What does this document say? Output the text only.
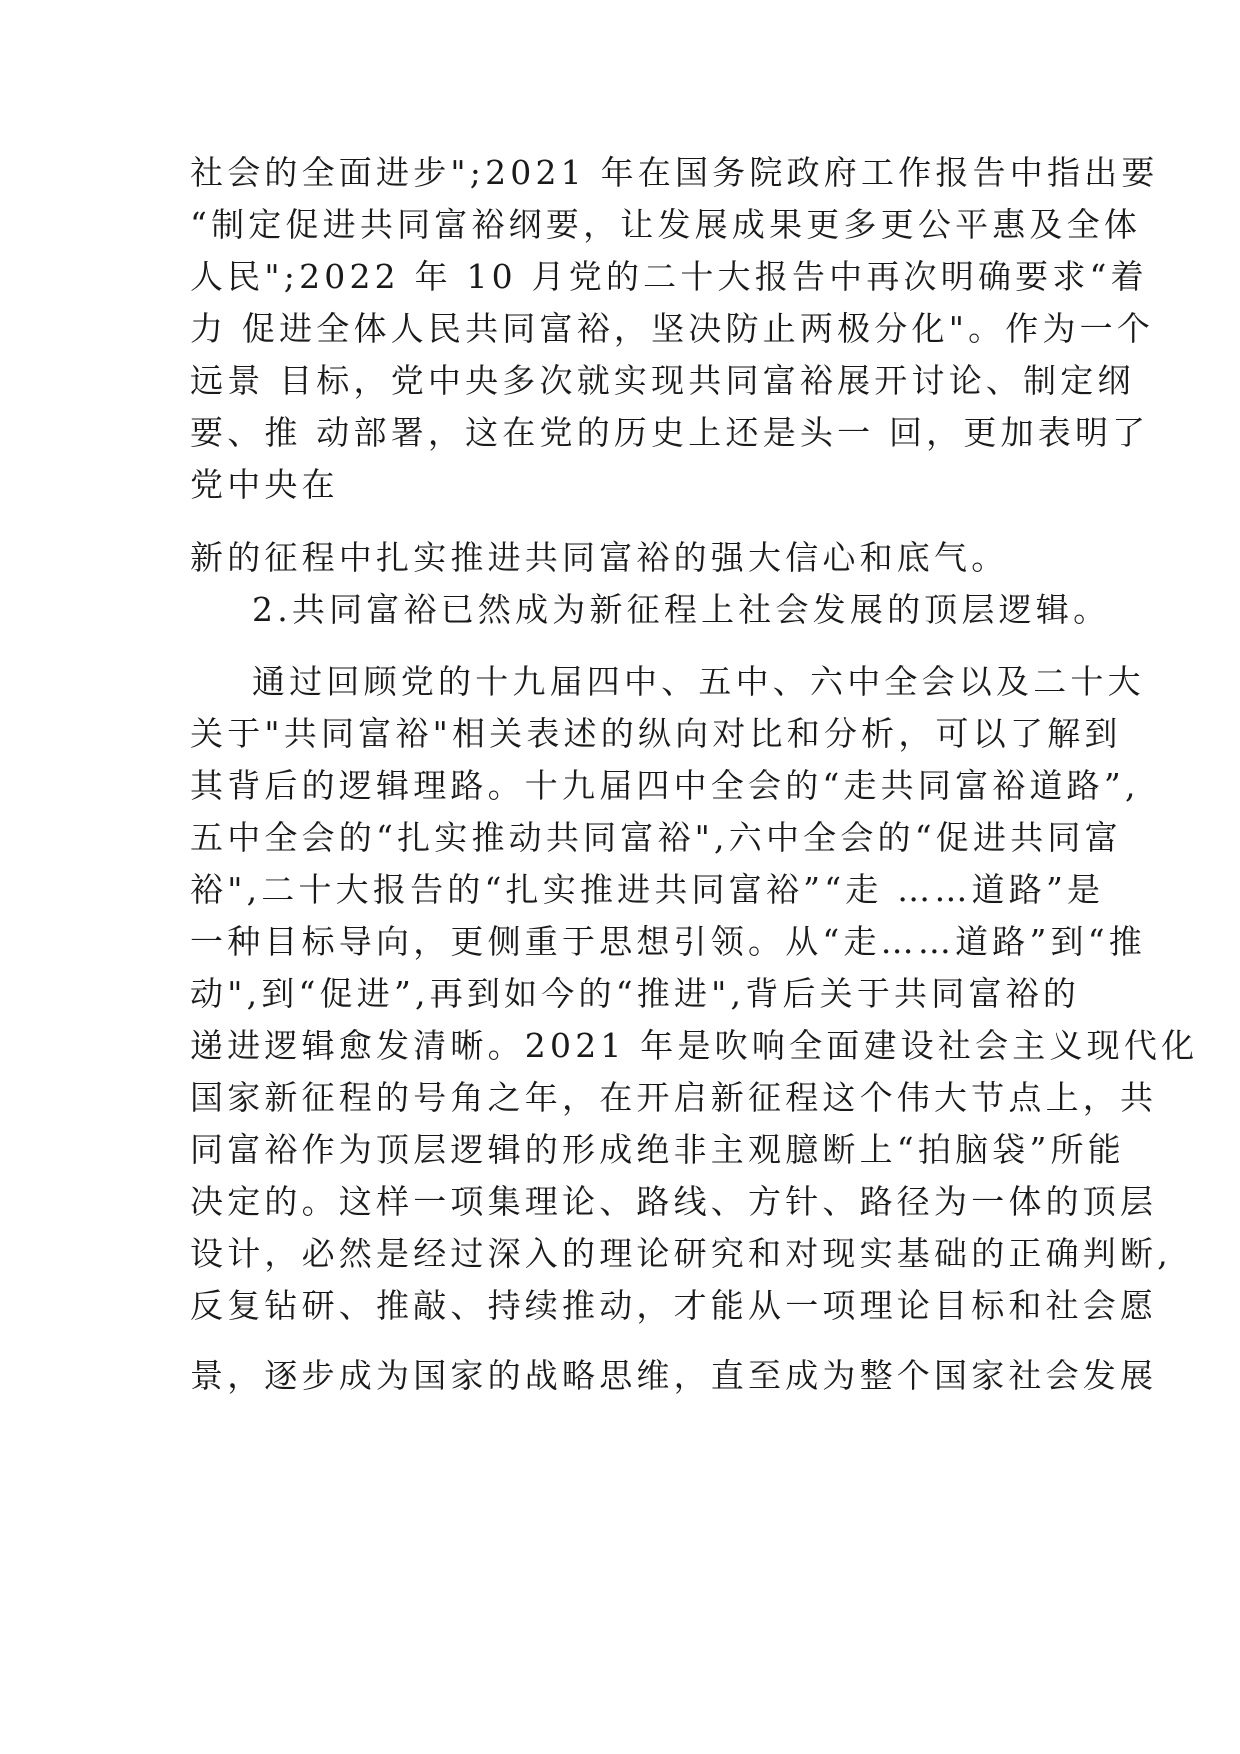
社会的全面进步";2021 年在国务院政府工作报告中指出要

“制定促进共同富裕纲要，让发展成果更多更公平惠及全体

人民";2022 年 10 月党的二十大报告中再次明确要求“着

力 促进全体人民共同富裕，坚决防止两极分化"。作为一个

远景 目标，党中央多次就实现共同富裕展开讨论、制定纲

要、推 动部署，这在党的历史上还是头一 回，更加表明了

党中央在

新的征程中扎实推进共同富裕的强大信心和底气。

2.共同富裕已然成为新征程上社会发展的顶层逻辑。

通过回顾党的十九届四中、五中、六中全会以及二十大

关于"共同富裕"相关表述的纵向对比和分析，可以了解到

其背后的逻辑理路。十九届四中全会的“走共同富裕道路”,

五中全会的“扎实推动共同富裕",六中全会的“促进共同富

裕",二十大报告的“扎实推进共同富裕”“走 ……道路”是

一种目标导向，更侧重于思想引领。从“走……道路”到“推

动",到“促进”,再到如今的“推进",背后关于共同富裕的

递进逻辑愈发清晰。2021 年是吹响全面建设社会主义现代化

国家新征程的号角之年，在开启新征程这个伟大节点上，共

同富裕作为顶层逻辑的形成绝非主观臆断上“拍脑袋”所能

决定的。这样一项集理论、路线、方针、路径为一体的顶层

设计，必然是经过深入的理论研究和对现实基础的正确判断,

反复钻研、推敲、持续推动，才能从一项理论目标和社会愿

景，逐步成为国家的战略思维，直至成为整个国家社会发展
